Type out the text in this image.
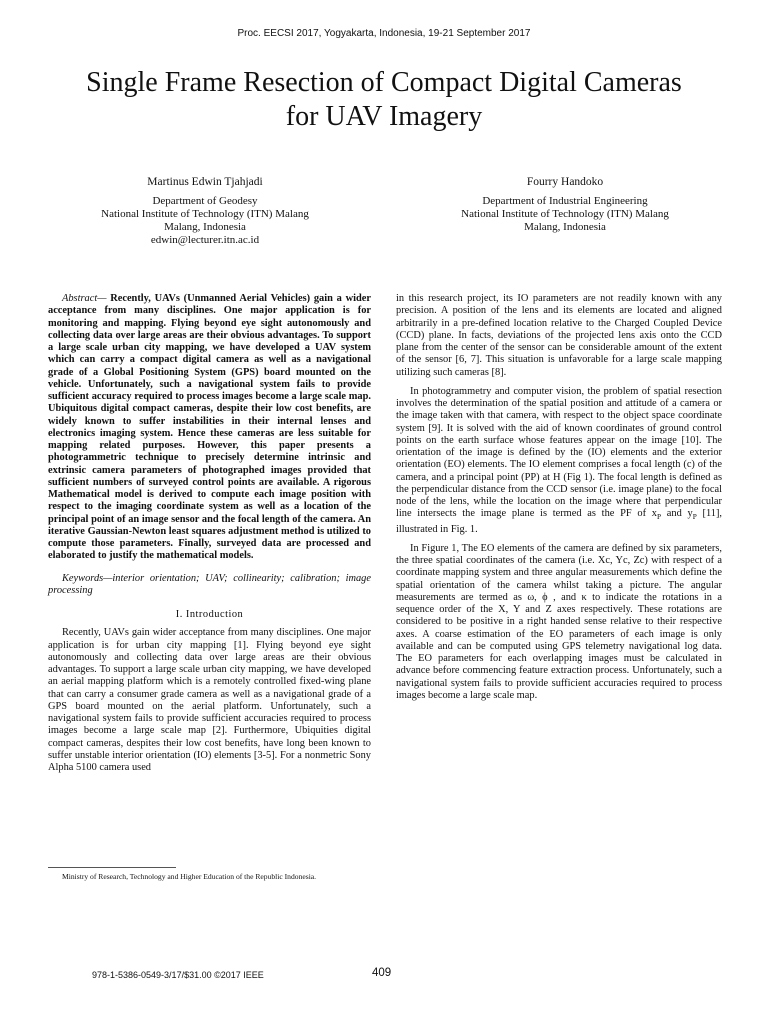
Proc. EECSI 2017, Yogyakarta, Indonesia, 19-21 September 2017
Single Frame Resection of Compact Digital Cameras
for UAV Imagery
Martinus Edwin Tjahjadi
Department of Geodesy
National Institute of Technology (ITN) Malang
Malang, Indonesia
edwin@lecturer.itn.ac.id
Fourry Handoko
Department of Industrial Engineering
National Institute of Technology (ITN) Malang
Malang, Indonesia

Abstract— Recently, UAVs (Unmanned Aerial Vehicles) gain a wider acceptance from many disciplines. One major application is for monitoring and mapping. Flying beyond eye sight autonomously and collecting data over large areas are their obvious advantages. To support a large scale urban city mapping, we have developed a UAV system which can carry a compact digital camera as well as a navigational grade of a Global Positioning System (GPS) board mounted on the vehicle. Unfortunately, such a navigational system fails to provide sufficient accuracy required to process images become a large scale map. Ubiquitous digital compact cameras, despite their low cost benefits, are widely known to suffer instabilities in their internal lenses and electronics imaging system. Hence these cameras are less suitable for mapping related purposes. However, this paper presents a photogrammetric technique to precisely determine intrinsic and extrinsic camera parameters of photographed images provided that sufficient numbers of surveyed control points are available. A rigorous Mathematical model is derived to compute each image position with respect to the imaging coordinate system as well as a location of the principal point of an image sensor and the focal length of the camera. An iterative Gaussian-Newton least squares adjustment method is utilized to compute those parameters. Finally, surveyed data are processed and elaborated to justify the mathematical models.

Keywords—interior orientation; UAV; collinearity; calibration; image processing

I. Introduction

Recently, UAVs gain wider acceptance from many disciplines. One major application is for urban city mapping [1]. Flying beyond eye sight autonomously and collecting data over large areas are their obvious advantages. To support a large scale urban city mapping, we have developed an aerial mapping platform which is a remotely controlled fixed-wing plane that can carry a consumer grade camera as well as a navigational grade of a GPS board mounted on the aerial platform. Unfortunately, such a navigational system fails to provide sufficient accuracies required to process images become a large scale map [2]. Furthermore, Ubiquities digital compact cameras, despites their low cost benefits, have long been known to suffer unstable interior orientation (IO) elements [3-5]. For a nonmetric Sony Alpha 5100 camera used

in this research project, its IO parameters are not readily known with any precision. A position of the lens and its elements are located and aligned arbitrarily in a pre-defined location relative to the Charged Coupled Device (CCD) plane. In facts, deviations of the projected lens axis onto the CCD plane from the center of the sensor can be considerable amount of the extent of the sensor [6, 7]. This situation is unfavorable for a large scale mapping utilizing such cameras [8].

In photogrammetry and computer vision, the problem of spatial resection involves the determination of the spatial position and attitude of a camera or the image taken with that camera, with respect to the object space coordinate system [9]. It is solved with the aid of known coordinates of ground control points on the earth surface whose features appear on the image [10]. The orientation of the image is defined by the (IO) elements and the exterior orientation (EO) elements. The IO element comprises a focal length (c) of the camera, and a principal point (PP) at H (Fig 1). The focal length is defined as the perpendicular distance from the CCD sensor (i.e. image plane) to the focal node of the lens, while the location on the image where that perpendicular line intersects the image plane is termed as the PF of $x_P$ and $y_P$ [11], illustrated in Fig. 1.

In Figure 1, The EO elements of the camera are defined by six parameters, the three spatial coordinates of the camera (i.e. Xc, Yc, Zc) with respect of a coordinate mapping system and three angular measurements which define the spatial orientation of the camera whilst taking a picture. The angular measurements are termed as ω, ϕ , and κ to indicate the rotations in a sequence order of the X, Y and Z axes respectively. These rotations are considered to be positive in a right handed sense relative to their respective axes. A coarse estimation of the EO parameters of each image is only available and can be computed using GPS telemetry navigational log data. The EO parameters for each overlapping images must be calculated in advance before commencing feature extraction process. Unfortunately, such a navigational system fails to provide sufficient accuracies required to process images become a large scale map.

Ministry of Research, Technology and Higher Education of the Republic Indonesia.
978-1-5386-0549-3/17/$31.00 ©2017 IEEE	409
